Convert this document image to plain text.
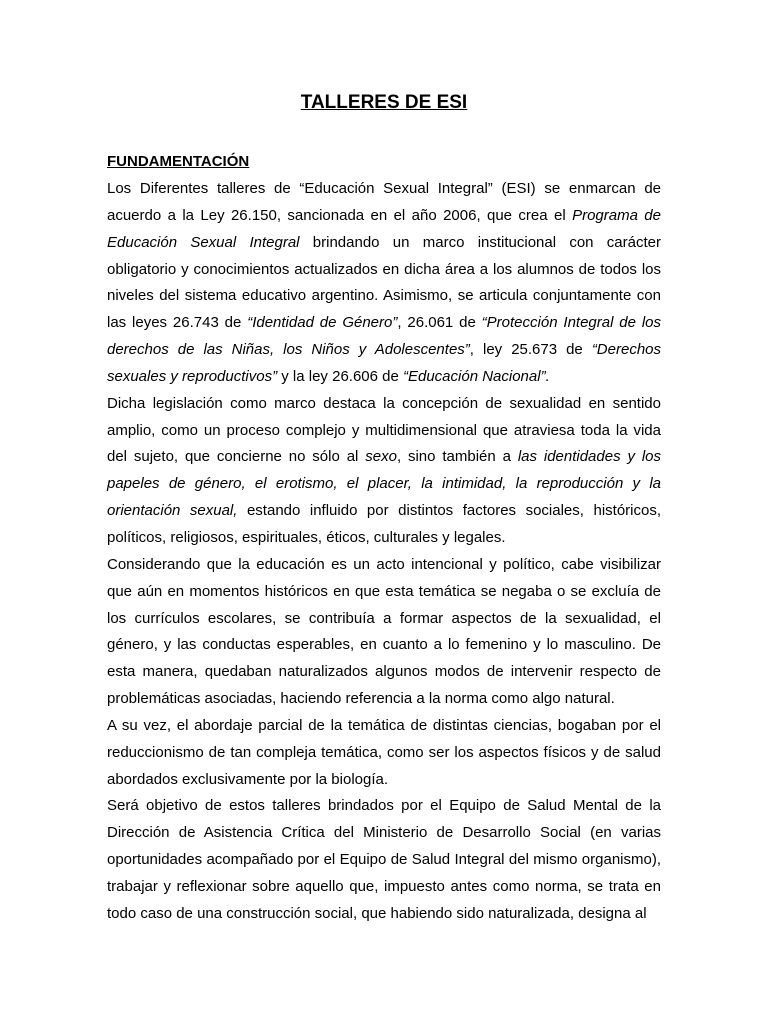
TALLERES DE ESI
FUNDAMENTACIÓN

Los Diferentes talleres de “Educación Sexual Integral” (ESI) se enmarcan de acuerdo a la Ley 26.150, sancionada en el año 2006, que crea el Programa de Educación Sexual Integral brindando un marco institucional con carácter obligatorio y conocimientos actualizados en dicha área a los alumnos de todos los niveles del sistema educativo argentino. Asimismo, se articula conjuntamente con las leyes 26.743 de “Identidad de Género”, 26.061 de “Protección Integral de los derechos de las Niñas, los Niños y Adolescentes”, ley 25.673 de “Derechos sexuales y reproductivos” y la ley 26.606 de “Educación Nacional”.

Dicha legislación como marco destaca la concepción de sexualidad en sentido amplio, como un proceso complejo y multidimensional que atraviesa toda la vida del sujeto, que concierne no sólo al sexo, sino también a las identidades y los papeles de género, el erotismo, el placer, la intimidad, la reproducción y la orientación sexual, estando influido por distintos factores sociales, históricos, políticos, religiosos, espirituales, éticos, culturales y legales.

Considerando que la educación es un acto intencional y político, cabe visibilizar que aún en momentos históricos en que esta temática se negaba o se excluía de los currículos escolares, se contribuía a formar aspectos de la sexualidad, el género, y las conductas esperables, en cuanto a lo femenino y lo masculino. De esta manera, quedaban naturalizados algunos modos de intervenir respecto de problemáticas asociadas, haciendo referencia a la norma como algo natural.

A su vez, el abordaje parcial de la temática de distintas ciencias, bogaban por el reduccionismo de tan compleja temática, como ser los aspectos físicos y de salud abordados exclusivamente por la biología.

Será objetivo de estos talleres brindados por el Equipo de Salud Mental de la Dirección de Asistencia Crítica del Ministerio de Desarrollo Social (en varias oportunidades acompañado por el Equipo de Salud Integral del mismo organismo), trabajar y reflexionar sobre aquello que, impuesto antes como norma, se trata en todo caso de una construcción social, que habiendo sido naturalizada, designa al
